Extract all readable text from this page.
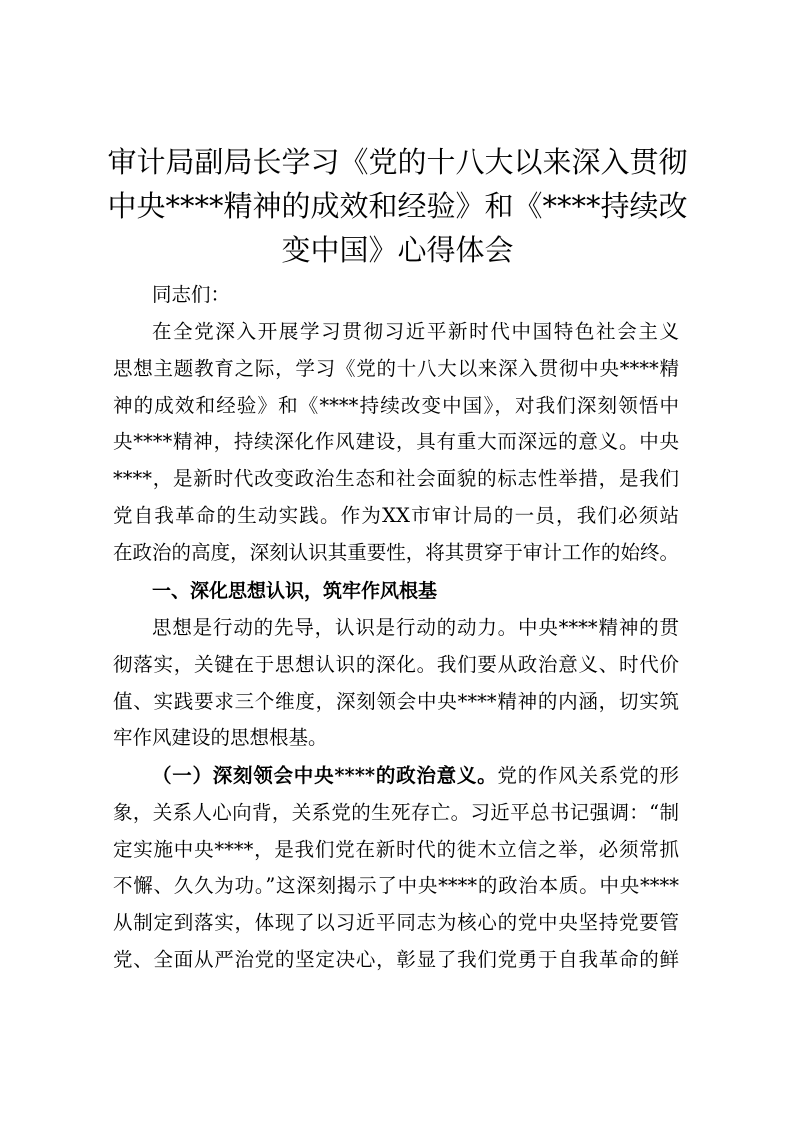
审计局副局长学习《党的十八大以来深入贯彻
中央****精神的成效和经验》和《****持续改
变中国》心得体会
同志们：
在全党深入开展学习贯彻习近平新时代中国特色社会主义
思想主题教育之际，学习《党的十八大以来深入贯彻中央****精
神的成效和经验》和《****持续改变中国》，对我们深刻领悟中
央****精神，持续深化作风建设，具有重大而深远的意义。中央
****，是新时代改变政治生态和社会面貌的标志性举措，是我们
党自我革命的生动实践。作为XX市审计局的一员，我们必须站
在政治的高度，深刻认识其重要性，将其贯穿于审计工作的始终。
一、深化思想认识，筑牢作风根基
思想是行动的先导，认识是行动的动力。中央****精神的贯
彻落实，关键在于思想认识的深化。我们要从政治意义、时代价
值、实践要求三个维度，深刻领会中央****精神的内涵，切实筑
牢作风建设的思想根基。
（一）深刻领会中央****的政治意义。党的作风关系党的形
象，关系人心向背，关系党的生死存亡。习近平总书记强调：“制
定实施中央****，是我们党在新时代的徙木立信之举，必须常抓
不懈、久久为功。”这深刻揭示了中央****的政治本质。中央****
从制定到落实，体现了以习近平同志为核心的党中央坚持党要管
党、全面从严治党的坚定决心，彰显了我们党勇于自我革命的鲜
